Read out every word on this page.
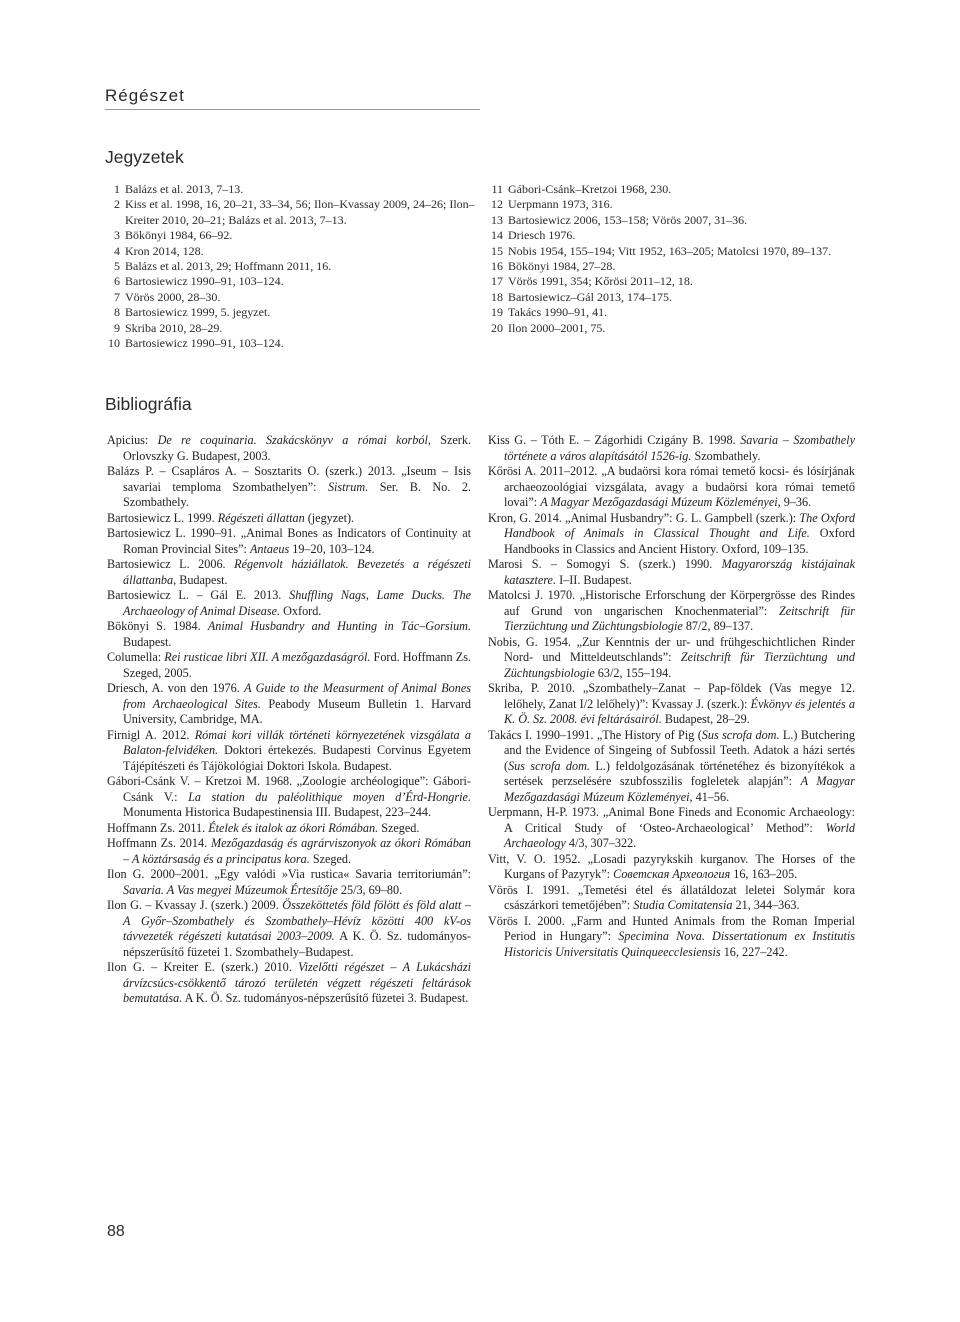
Régészet
Jegyzetek
1 Balázs et al. 2013, 7–13.
2 Kiss et al. 1998, 16, 20–21, 33–34, 56; Ilon–Kvassay 2009, 24–26; Ilon–Kreiter 2010, 20–21; Balázs et al. 2013, 7–13.
3 Bökönyi 1984, 66–92.
4 Kron 2014, 128.
5 Balázs et al. 2013, 29; Hoffmann 2011, 16.
6 Bartosiewicz 1990–91, 103–124.
7 Vörös 2000, 28–30.
8 Bartosiewicz 1999, 5. jegyzet.
9 Skriba 2010, 28–29.
10 Bartosiewicz 1990–91, 103–124.
11 Gábori-Csánk–Kretzoi 1968, 230.
12 Uerpmann 1973, 316.
13 Bartosiewicz 2006, 153–158; Vörös 2007, 31–36.
14 Driesch 1976.
15 Nobis 1954, 155–194; Vitt 1952, 163–205; Matolcsi 1970, 89–137.
16 Bökönyi 1984, 27–28.
17 Vörös 1991, 354; Kőrösi 2011–12, 18.
18 Bartosiewicz–Gál 2013, 174–175.
19 Takács 1990–91, 41.
20 Ilon 2000–2001, 75.
Bibliográfia
Apicius: De re coquinaria. Szakácskönyv a római korból, Szerk. Orlovszky G. Budapest, 2003.
Balázs P. – Csapláros A. – Sosztarits O. (szerk.) 2013. „Iseum – Isis savariai temploma Szombathelyen”: Sistrum. Ser. B. No. 2. Szombathely.
Bartosiewicz L. 1999. Régészeti állattan (jegyzet).
Bartosiewicz L. 1990–91. „Animal Bones as Indicators of Continuity at Roman Provincial Sites”: Antaeus 19–20, 103–124.
Bartosiewicz L. 2006. Régenvolt háziállatok. Bevezetés a régészeti állattanba, Budapest.
Bartosiewicz L. – Gál E. 2013. Shuffling Nags, Lame Ducks. The Archaeology of Animal Disease. Oxford.
Bökönyi S. 1984. Animal Husbandry and Hunting in Tác–Gorsium. Budapest.
Columella: Rei rusticae libri XII. A mezőgazdaságról. Ford. Hoffmann Zs. Szeged, 2005.
Driesch, A. von den 1976. A Guide to the Measurment of Animal Bones from Archaeological Sites. Peabody Museum Bulletin 1. Harvard University, Cambridge, MA.
Firnigl A. 2012. Római kori villák történeti környezetének vizsgálata a Balaton-felvidéken. Doktori értekezés. Budapesti Corvinus Egyetem Tájépítészeti és Tájökológiai Doktori Iskola. Budapest.
Gábori-Csánk V. – Kretzoi M. 1968. „Zoologie archéologique”: Gábori-Csánk V.: La station du paléolithique moyen d’Érd-Hongrie. Monumenta Historica Budapestinensia III. Budapest, 223–244.
Hoffmann Zs. 2011. Ételek és italok az ókori Rómában. Szeged.
Hoffmann Zs. 2014. Mezőgazdaság és agrárviszonyok az ókori Rómában – A köztársaság és a principatus kora. Szeged.
Ilon G. 2000–2001. „Egy valódi »Via rustica« Savaria territoriumán”: Savaria. A Vas megyei Múzeumok Értesítője 25/3, 69–80.
Ilon G. – Kvassay J. (szerk.) 2009. Összeköttetés föld fölött és föld alatt – A Győr–Szombathely és Szombathely–Hévíz közötti 400 kV-os távvezeték régészeti kutatásai 2003–2009. A K. Ö. Sz. tudományos-népszerűsítő füzetei 1. Szombathely–Budapest.
Ilon G. – Kreiter E. (szerk.) 2010. Vizelőtti régészet – A Lukácsházi árvízcsúcs-csökkentő tározó területén végzett régészeti feltárások bemutatása. A K. Ö. Sz. tudományos-népszerűsítő füzetei 3. Budapest.
Kiss G. – Tóth E. – Zágorhidi Czigány B. 1998. Savaria – Szombathely története a város alapításától 1526-ig. Szombathely.
Kőrösi A. 2011–2012. „A budaörsi kora római temető kocsi- és lósírjának archaeozoológiai vizsgálata, avagy a budaörsi kora római temető lovai”: A Magyar Mezőgazdasági Múzeum Közleményei, 9–36.
Kron, G. 2014. „Animal Husbandry”: G. L. Gampbell (szerk.): The Oxford Handbook of Animals in Classical Thought and Life. Oxford Handbooks in Classics and Ancient History. Oxford, 109–135.
Marosi S. – Somogyi S. (szerk.) 1990. Magyarország kistájainak katasztere. I–II. Budapest.
Matolcsi J. 1970. „Historische Erforschung der Körpergrösse des Rindes auf Grund von ungarischen Knochenmaterial”: Zeitschrift für Tierzüchtung und Züchtungsbiologie 87/2, 89–137.
Nobis, G. 1954. „Zur Kenntnis der ur- und frühgeschichtlichen Rinder Nord- und Mitteldeutschlands”: Zeitschrift für Tierzüchtung und Züchtungsbiologie 63/2, 155–194.
Skriba, P. 2010. „Szombathely–Zanat – Pap-földek (Vas megye 12. lelőhely, Zanat I/2 lelőhely)”: Kvassay J. (szerk.): Évkönyv és jelentés a K. Ö. Sz. 2008. évi feltárásairól. Budapest, 28–29.
Takács I. 1990–1991. „The History of Pig (Sus scrofa dom. L.) Butchering and the Evidence of Singeing of Subfossil Teeth. Adatok a házi sertés (Sus scrofa dom. L.) feldolgozásának történetéhez és bizonyítékok a sertések perzselésére szubfosszilis fogleletek alapján”: A Magyar Mezőgazdasági Múzeum Közleményei, 41–56.
Uerpmann, H-P. 1973. „Animal Bone Fineds and Economic Archaeology: A Critical Study of ‘Osteo-Archaeological’ Method”: World Archaeology 4/3, 307–322.
Vitt, V. O. 1952. „Losadi pazyrykskih kurganov. The Horses of the Kurgans of Pazyryk”: Советская Археология 16, 163–205.
Vörös I. 1991. „Temetési étel és állatáldozat leletei Solymár kora császárkori temetőjében”: Studia Comitatensia 21, 344–363.
Vörös I. 2000. „Farm and Hunted Animals from the Roman Imperial Period in Hungary”: Specimina Nova. Dissertationum ex Institutis Historicis Universitatis Quinqueecclesiensis 16, 227–242.
88
